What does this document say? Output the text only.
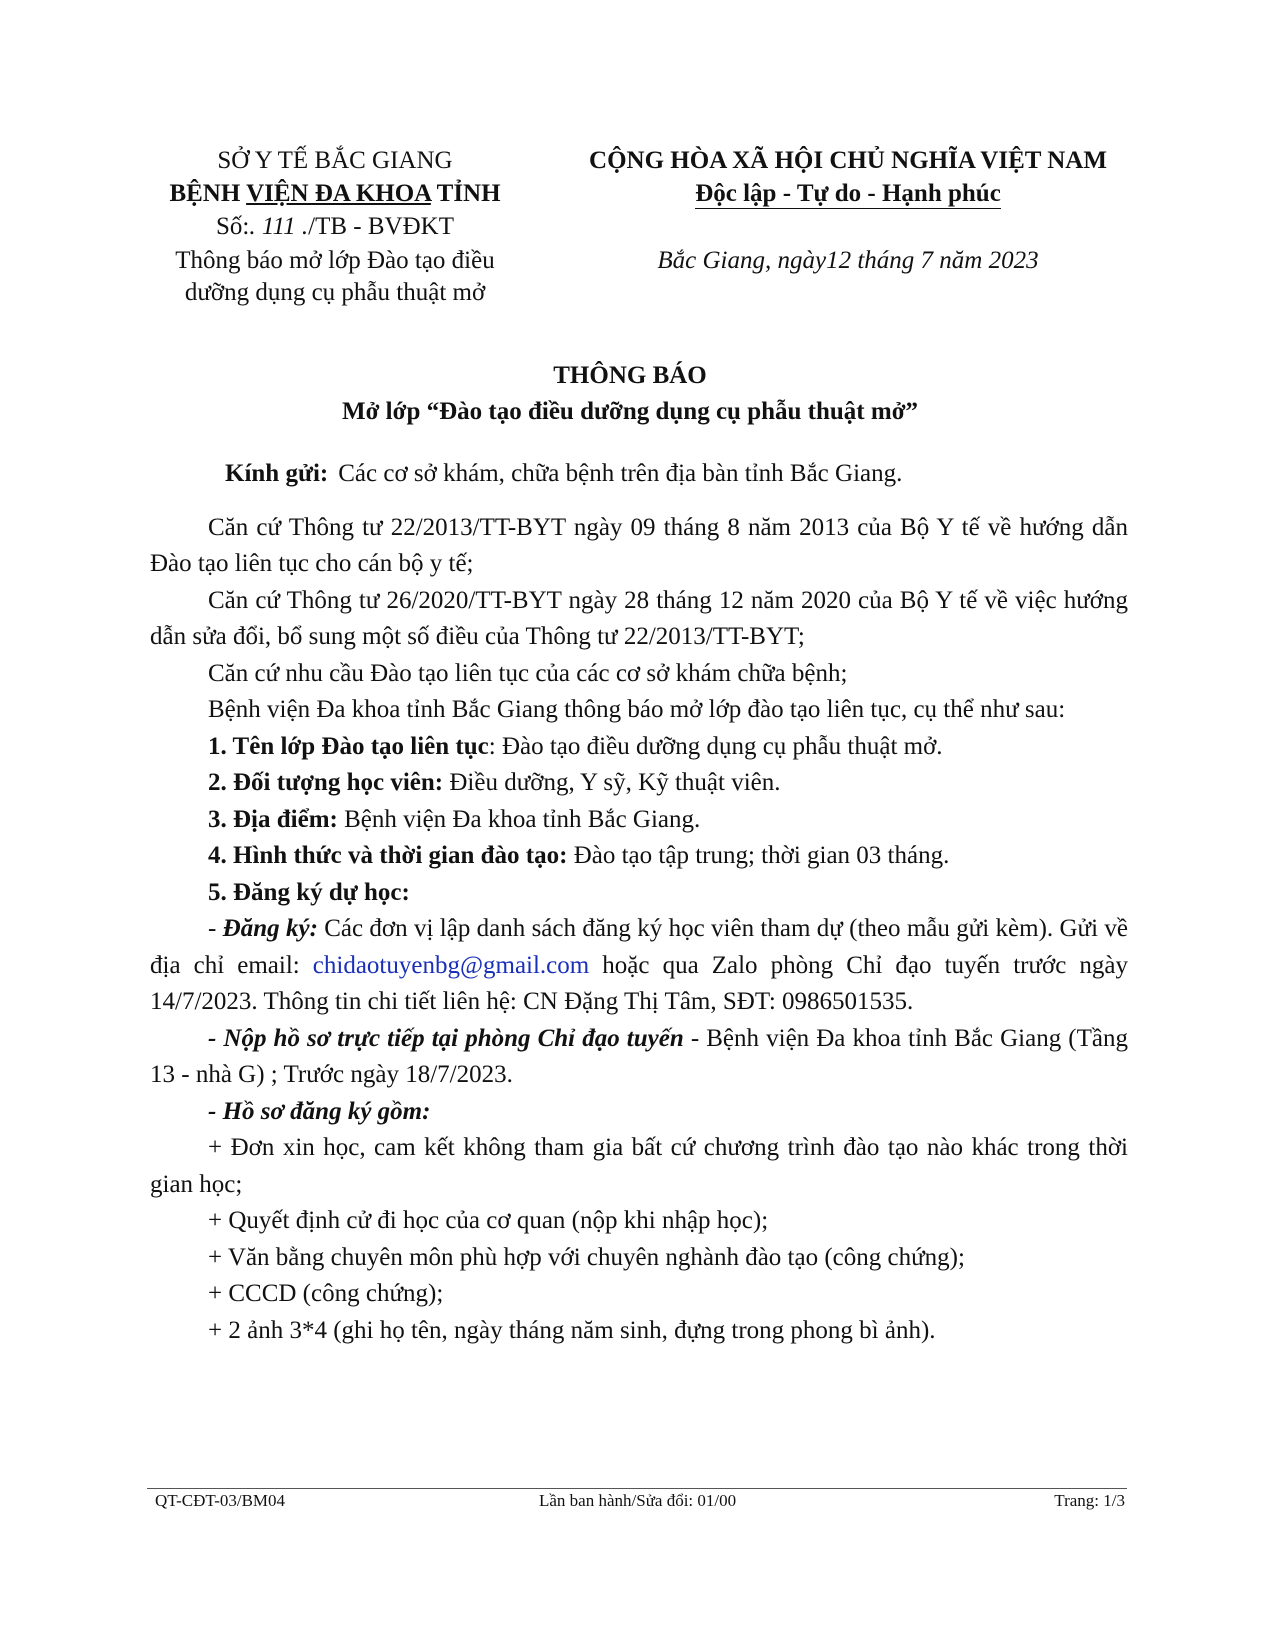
SỞ Y TẾ BẮC GIANG
BỆNH VIỆN ĐA KHOA TỈNH
Số:. 111 ./TB - BVĐKT
Thông báo mở lớp Đào tạo điều
dưỡng dụng cụ phẫu thuật mở
CỘNG HÒA XÃ HỘI CHỦ NGHĨA VIỆT NAM
Độc lập - Tự do - Hạnh phúc
Bắc Giang, ngày12 tháng 7 năm 2023
THÔNG BÁO
Mở lớp “Đào tạo điều dưỡng dụng cụ phẫu thuật mở”

Kính gửi: Các cơ sở khám, chữa bệnh trên địa bàn tỉnh Bắc Giang.

Căn cứ Thông tư 22/2013/TT-BYT ngày 09 tháng 8 năm 2013 của Bộ Y tế về hướng dẫn Đào tạo liên tục cho cán bộ y tế;

Căn cứ Thông tư 26/2020/TT-BYT ngày 28 tháng 12 năm 2020 của Bộ Y tế về việc hướng dẫn sửa đổi, bổ sung một số điều của Thông tư 22/2013/TT-BYT;

Căn cứ nhu cầu Đào tạo liên tục của các cơ sở khám chữa bệnh;

Bệnh viện Đa khoa tỉnh Bắc Giang thông báo mở lớp đào tạo liên tục, cụ thể như sau:

1. Tên lớp Đào tạo liên tục: Đào tạo điều dưỡng dụng cụ phẫu thuật mở.

2. Đối tượng học viên: Điều dưỡng, Y sỹ, Kỹ thuật viên.

3. Địa điểm: Bệnh viện Đa khoa tỉnh Bắc Giang.

4. Hình thức và thời gian đào tạo: Đào tạo tập trung; thời gian 03 tháng.

5. Đăng ký dự học:

- Đăng ký: Các đơn vị lập danh sách đăng ký học viên tham dự (theo mẫu gửi kèm). Gửi về địa chỉ email: chidaotuyenbg@gmail.com hoặc qua Zalo phòng Chỉ đạo tuyến trước ngày 14/7/2023. Thông tin chi tiết liên hệ: CN Đặng Thị Tâm, SĐT: 0986501535.

- Nộp hồ sơ trực tiếp tại phòng Chỉ đạo tuyến - Bệnh viện Đa khoa tỉnh Bắc Giang (Tầng 13 - nhà G) ; Trước ngày 18/7/2023.

- Hồ sơ đăng ký gồm:

+ Đơn xin học, cam kết không tham gia bất cứ chương trình đào tạo nào khác trong thời gian học;

+ Quyết định cử đi học của cơ quan (nộp khi nhập học);

+ Văn bằng chuyên môn phù hợp với chuyên nghành đào tạo (công chứng);

+ CCCD (công chứng);

+ 2 ảnh 3*4 (ghi họ tên, ngày tháng năm sinh, đựng trong phong bì ảnh).

QT-CĐT-03/BM04	Lần ban hành/Sửa đổi: 01/00	Trang: 1/3
